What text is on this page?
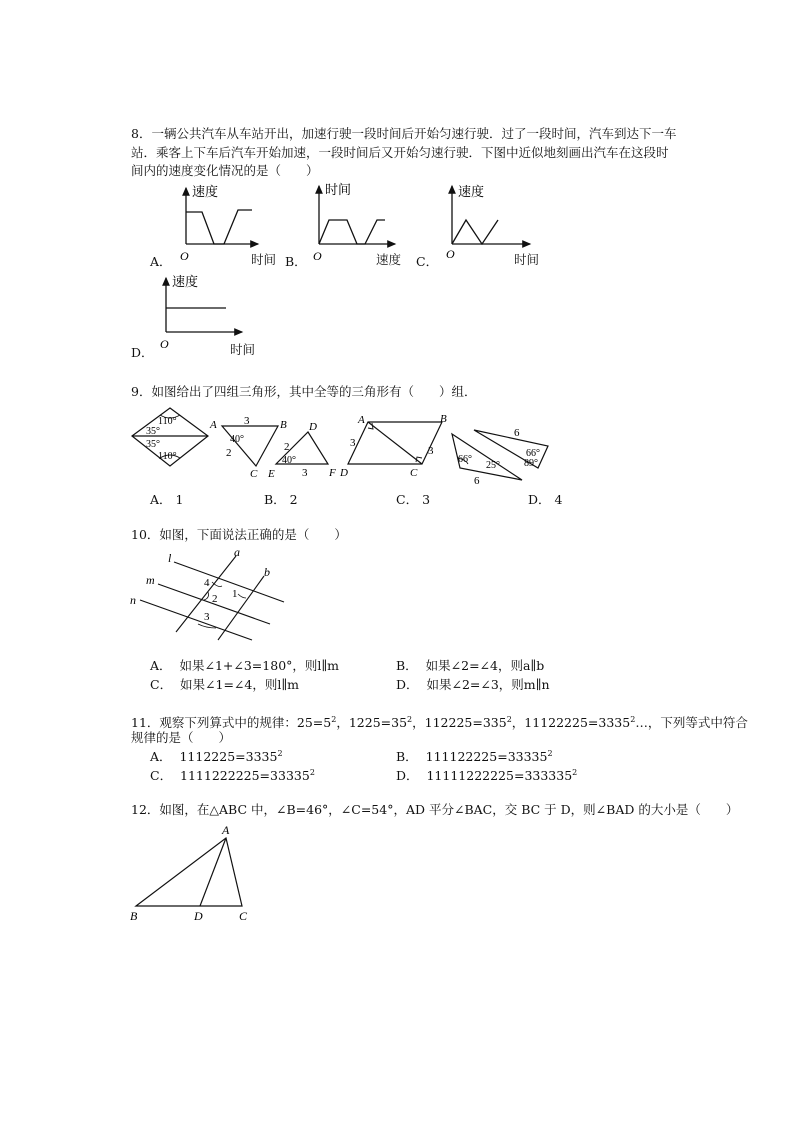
8．一辆公共汽车从车站开出，加速行驶一段时间后开始匀速行驶．过了一段时间，汽车到达下一车
站．乘客上下车后汽车开始加速，一段时间后又开始匀速行驶．下图中近似地刻画出汽车在这段时
间内的速度变化情况的是（　　）
A．
速度
O	时间 B．
时间
O	速度 C．
速度
O	时间
D．
速度
O	时间
9．如图给出了四组三角形，其中全等的三角形有（　　）组．
110°
35°
35°
110°
A	B
C
D
E	F
3
2	2
3
40°
40°
A	B
C
D
3
3
66°
25°
66°
89°
6
6
A． 1	B． 2	C． 3	D． 4
10．如图，下面说法正确的是（　　）
l
m
n
a
b
1
2
3
4
A． 如果∠1+∠3=180°，则l∥m	B． 如果∠2=∠4，则a∥b
C． 如果∠1=∠4，则l∥m	D． 如果∠2=∠3，则m∥n
11．观察下列算式中的规律：$25=5^2$，$1225=35^2$，$112225=335^2$，$11122225=3335^2\dots$，下列等式中符合
规律的是（　　）
A． $1112225=3335^2$	B． $111122225=33335^2$
C． $1111222225=33335^2$	D． $11111222225=333335^2$
12．如图，在△ABC 中，∠B=46°，∠C=54°，AD 平分∠BAC，交 BC 于 D，则∠BAD 的大小是（　　）
A
B	D	C
